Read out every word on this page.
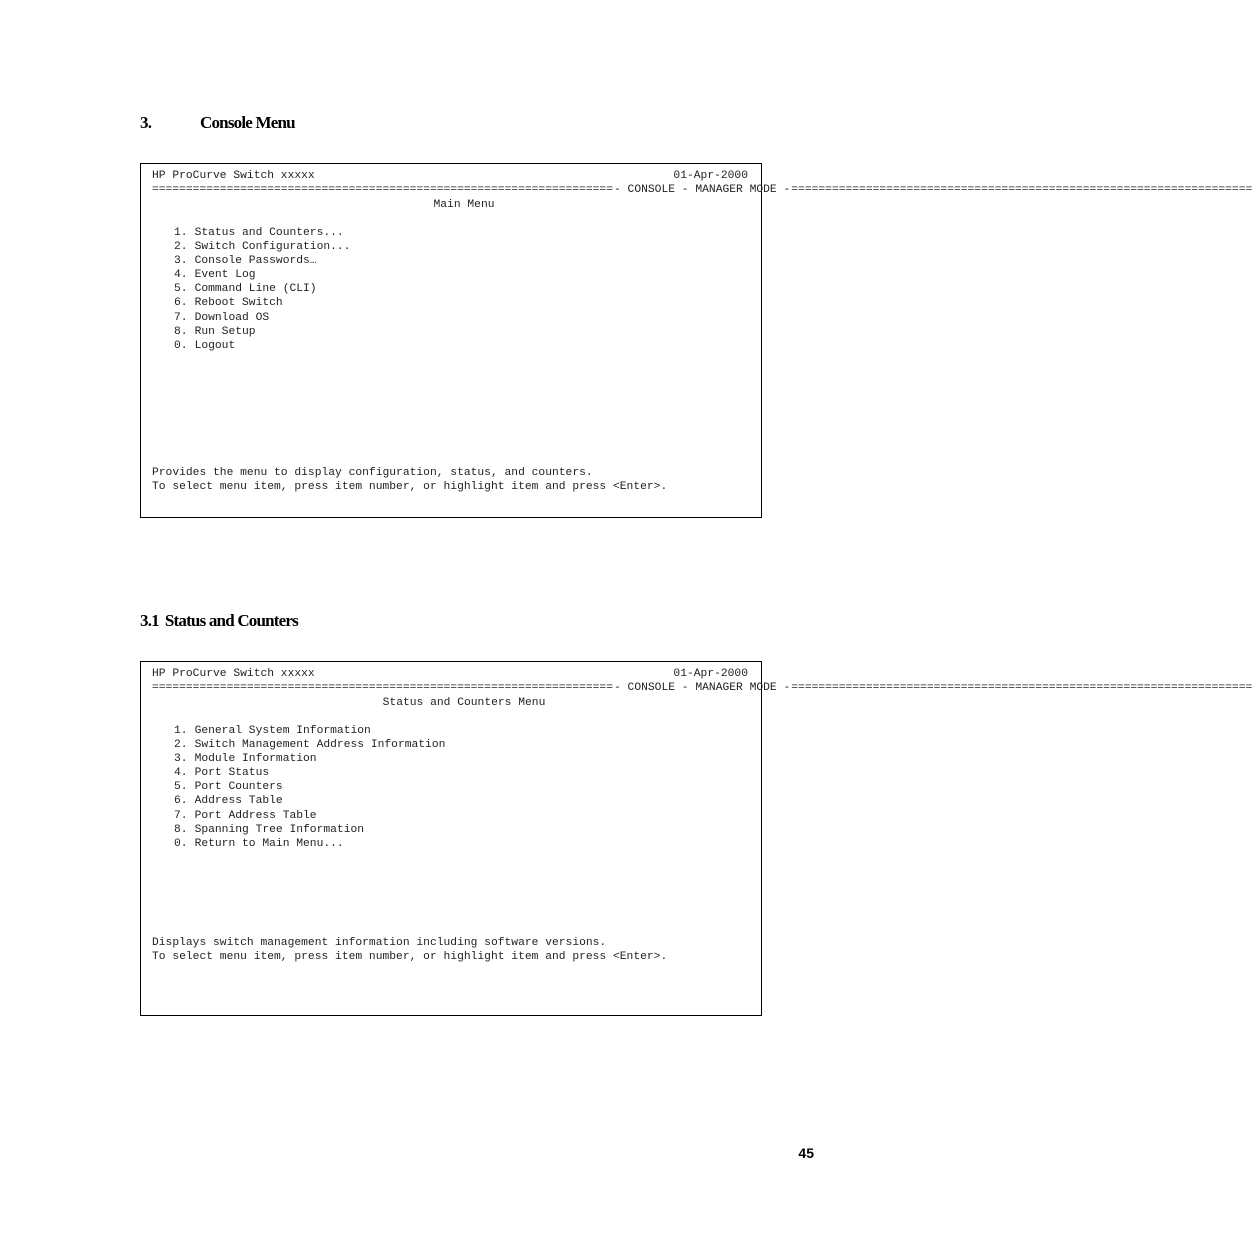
3.	Console Menu
HP ProCurve Switch xxxxx	01-Apr-2000
==================================================================== - CONSOLE - MANAGER MODE - ====================================================================
Main Menu
1. Status and Counters...
2. Switch Configuration...
3. Console Passwords…
4. Event Log
5. Command Line (CLI)
6. Reboot Switch
7. Download OS
8. Run Setup
0. Logout
Provides the menu to display configuration, status, and counters.
To select menu item, press item number, or highlight item and press <Enter>.
3.1 Status and Counters
HP ProCurve Switch xxxxx	01-Apr-2000
==================================================================== - CONSOLE - MANAGER MODE - ====================================================================
Status and Counters Menu
1. General System Information
2. Switch Management Address Information
3. Module Information
4. Port Status
5. Port Counters
6. Address Table
7. Port Address Table
8. Spanning Tree Information
0. Return to Main Menu...
Displays switch management information including software versions.
To select menu item, press item number, or highlight item and press <Enter>.
45
